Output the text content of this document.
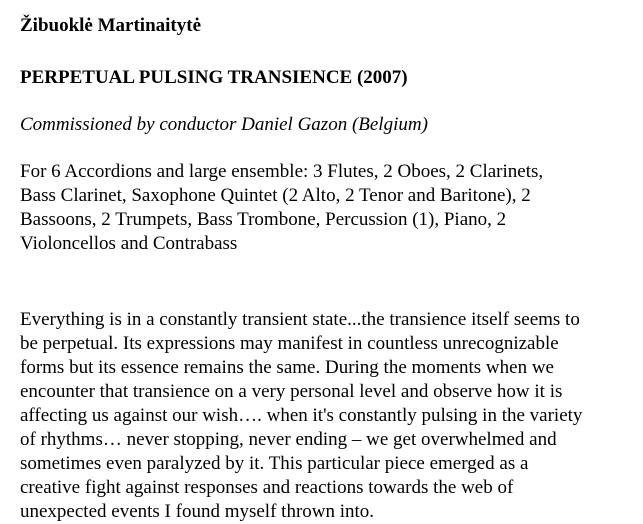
Žibuoklė Martinaitytė

PERPETUAL PULSING TRANSIENCE (2007)

Commissioned by conductor Daniel Gazon (Belgium)

For 6 Accordions and large ensemble: 3 Flutes, 2 Oboes, 2 Clarinets,
Bass Clarinet, Saxophone Quintet (2 Alto, 2 Tenor and Baritone), 2
Bassoons, 2 Trumpets, Bass Trombone, Percussion (1), Piano, 2
Violoncellos and Contrabass

Everything is in a constantly transient state...the transience itself seems to
be perpetual. Its expressions may manifest in countless unrecognizable
forms but its essence remains the same. During the moments when we
encounter that transience on a very personal level and observe how it is
affecting us against our wish…. when it's constantly pulsing in the variety
of rhythms… never stopping, never ending – we get overwhelmed and
sometimes even paralyzed by it. This particular piece emerged as a
creative fight against responses and reactions towards the web of
unexpected events I found myself thrown into.
